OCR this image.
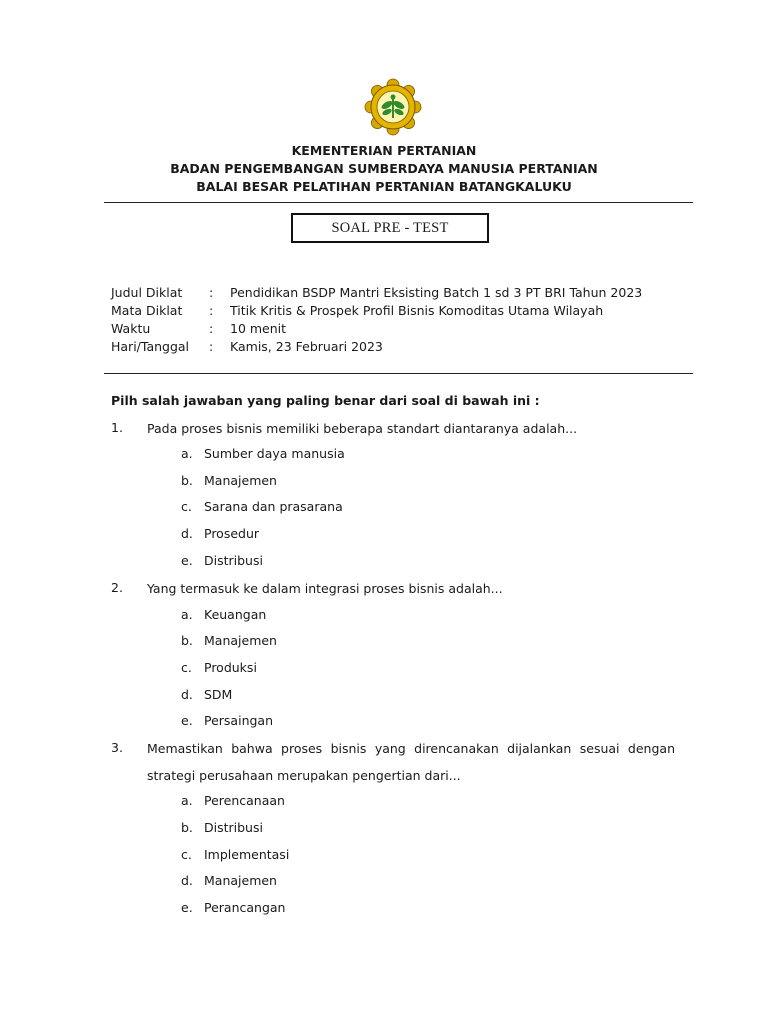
KEMENTERIAN PERTANIAN
BADAN PENGEMBANGAN SUMBERDAYA MANUSIA PERTANIAN
BALAI BESAR PELATIHAN PERTANIAN BATANGKALUKU
SOAL PRE - TEST
Judul Diklat : Pendidikan BSDP Mantri Eksisting Batch 1 sd 3 PT BRI Tahun 2023
Mata Diklat : Titik Kritis & Prospek Profil Bisnis Komoditas Utama Wilayah
Waktu	: 10 menit
Hari/Tanggal : Kamis, 23 Februari 2023
Pilh salah jawaban yang paling benar dari soal di bawah ini :
1. Pada proses bisnis memiliki beberapa standart diantaranya adalah...
a. Sumber daya manusia
b. Manajemen
c. Sarana dan prasarana
d. Prosedur
e. Distribusi
2. Yang termasuk ke dalam integrasi proses bisnis adalah...
a. Keuangan
b. Manajemen
c. Produksi
d. SDM
e. Persaingan
3. Memastikan bahwa proses bisnis yang direncanakan dijalankan sesuai dengan strategi perusahaan merupakan pengertian dari...
a. Perencanaan
b. Distribusi
c. Implementasi
d. Manajemen
e. Perancangan
